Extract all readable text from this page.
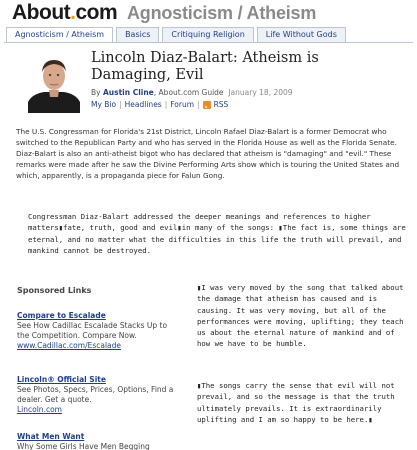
About.com Agnosticism / Atheism
Agnosticism / Atheism	Basics	Critiquing Religion	Life Without Gods
Lincoln Diaz-Balart: Atheism is Damaging, Evil
By Austin Cline, About.com Guide January 18, 2009
My Bio | Headlines | Forum | RSS
The U.S. Congressman for Florida's 21st District, Lincoln Rafael Diaz-Balart is a former Democrat who switched to the Republican Party and who has served in the Florida House as well as the Florida Senate. Diaz-Balart is also an anti-atheist bigot who has declared that atheism is "damaging" and "evil." These remarks were made after he saw the Divine Performing Arts show which is touring the United States and which, apparently, is a propaganda piece for Falun Gong.
Congressman Diaz-Balart addressed the deeper meanings and references to higher matters▮fate, truth, good and evil▮in many of the songs: ▮The fact is, some things are eternal, and no matter what the difficulties in this life the truth will prevail, and mankind cannot be destroyed.
Sponsored Links
Compare to Escalade
See How Cadillac Escalade Stacks Up to the Competition. Compare Now.
www.Cadillac.com/Escalade
Lincoln® Official Site
See Photos, Specs, Prices, Options, Find a dealer. Get a quote.
Lincoln.com
What Men Want
Why Some Girls Have Men Begging
▮I was very moved by the song that talked about the damage that atheism has caused and is causing. It was very moving, but all of the performances were moving, uplifting; they teach us about the eternal nature of mankind and of how we have to be humble.
▮The songs carry the sense that evil will not prevail, and so the message is that the truth ultimately prevails. It is extraordinarily uplifting and I am so happy to be here.▮
